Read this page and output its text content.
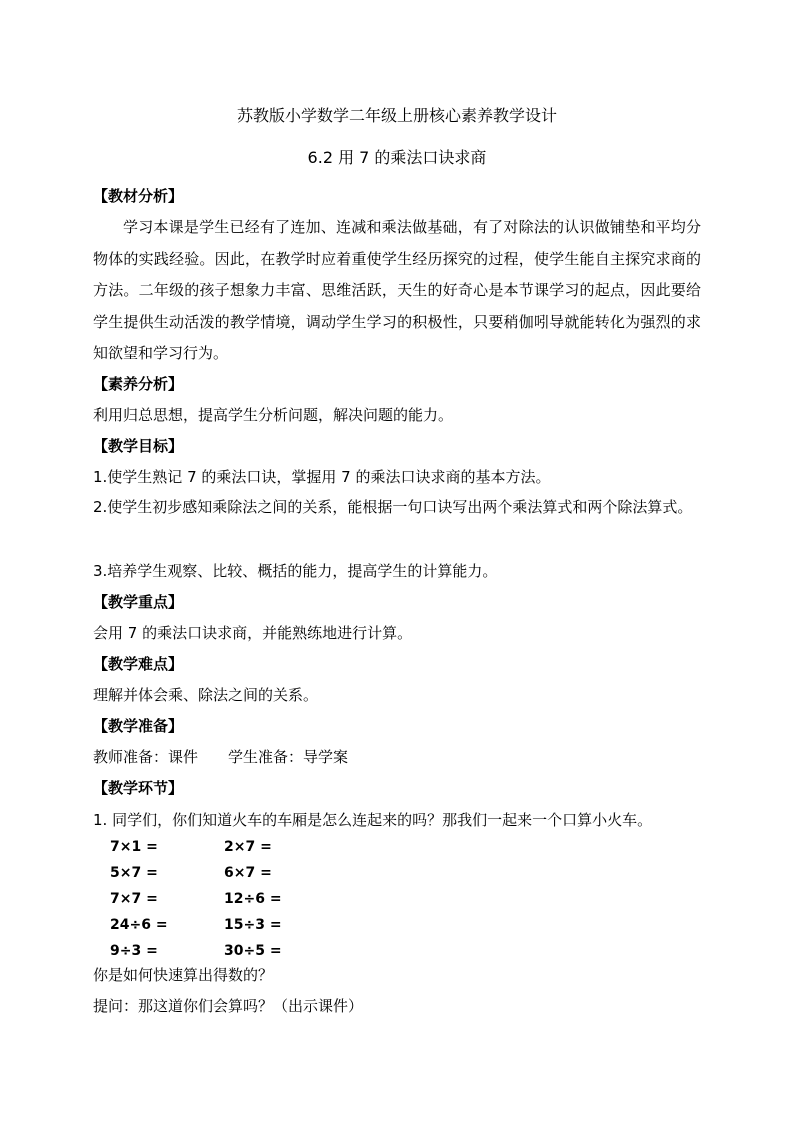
苏教版小学数学二年级上册核心素养教学设计
6.2 用 7 的乘法口诀求商
【教材分析】
学习本课是学生已经有了连加、连减和乘法做基础，有了对除法的认识做铺垫和平均分物体的实践经验。因此，在教学时应着重使学生经历探究的过程，使学生能自主探究求商的方法。二年级的孩子想象力丰富、思维活跃，天生的好奇心是本节课学习的起点，因此要给学生提供生动活泼的教学情境，调动学生学习的积极性，只要稍伽吲导就能转化为强烈的求知欲望和学习行为。
【素养分析】
利用归总思想，提高学生分析问题，解决问题的能力。
【教学目标】
1.使学生熟记 7 的乘法口诀，掌握用 7 的乘法口诀求商的基本方法。
2.使学生初步感知乘除法之间的关系，能根据一句口诀写出两个乘法算式和两个除法算式。
3.培养学生观察、比较、概括的能力，提高学生的计算能力。
【教学重点】
会用 7 的乘法口诀求商，并能熟练地进行计算。
【教学难点】
理解并体会乘、除法之间的关系。
【教学准备】
教师准备：课件 学生准备：导学案
【教学环节】
1. 同学们，你们知道火车的车厢是怎么连起来的吗？那我们一起来一个口算小火车。
7×1 =	2×7 =
5×7 =	6×7 =
7×7 =	12÷6 =
24÷6 =	15÷3 =
9÷3 =	30÷5 =
你是如何快速算出得数的？
提问：那这道你们会算吗？（出示课件）
